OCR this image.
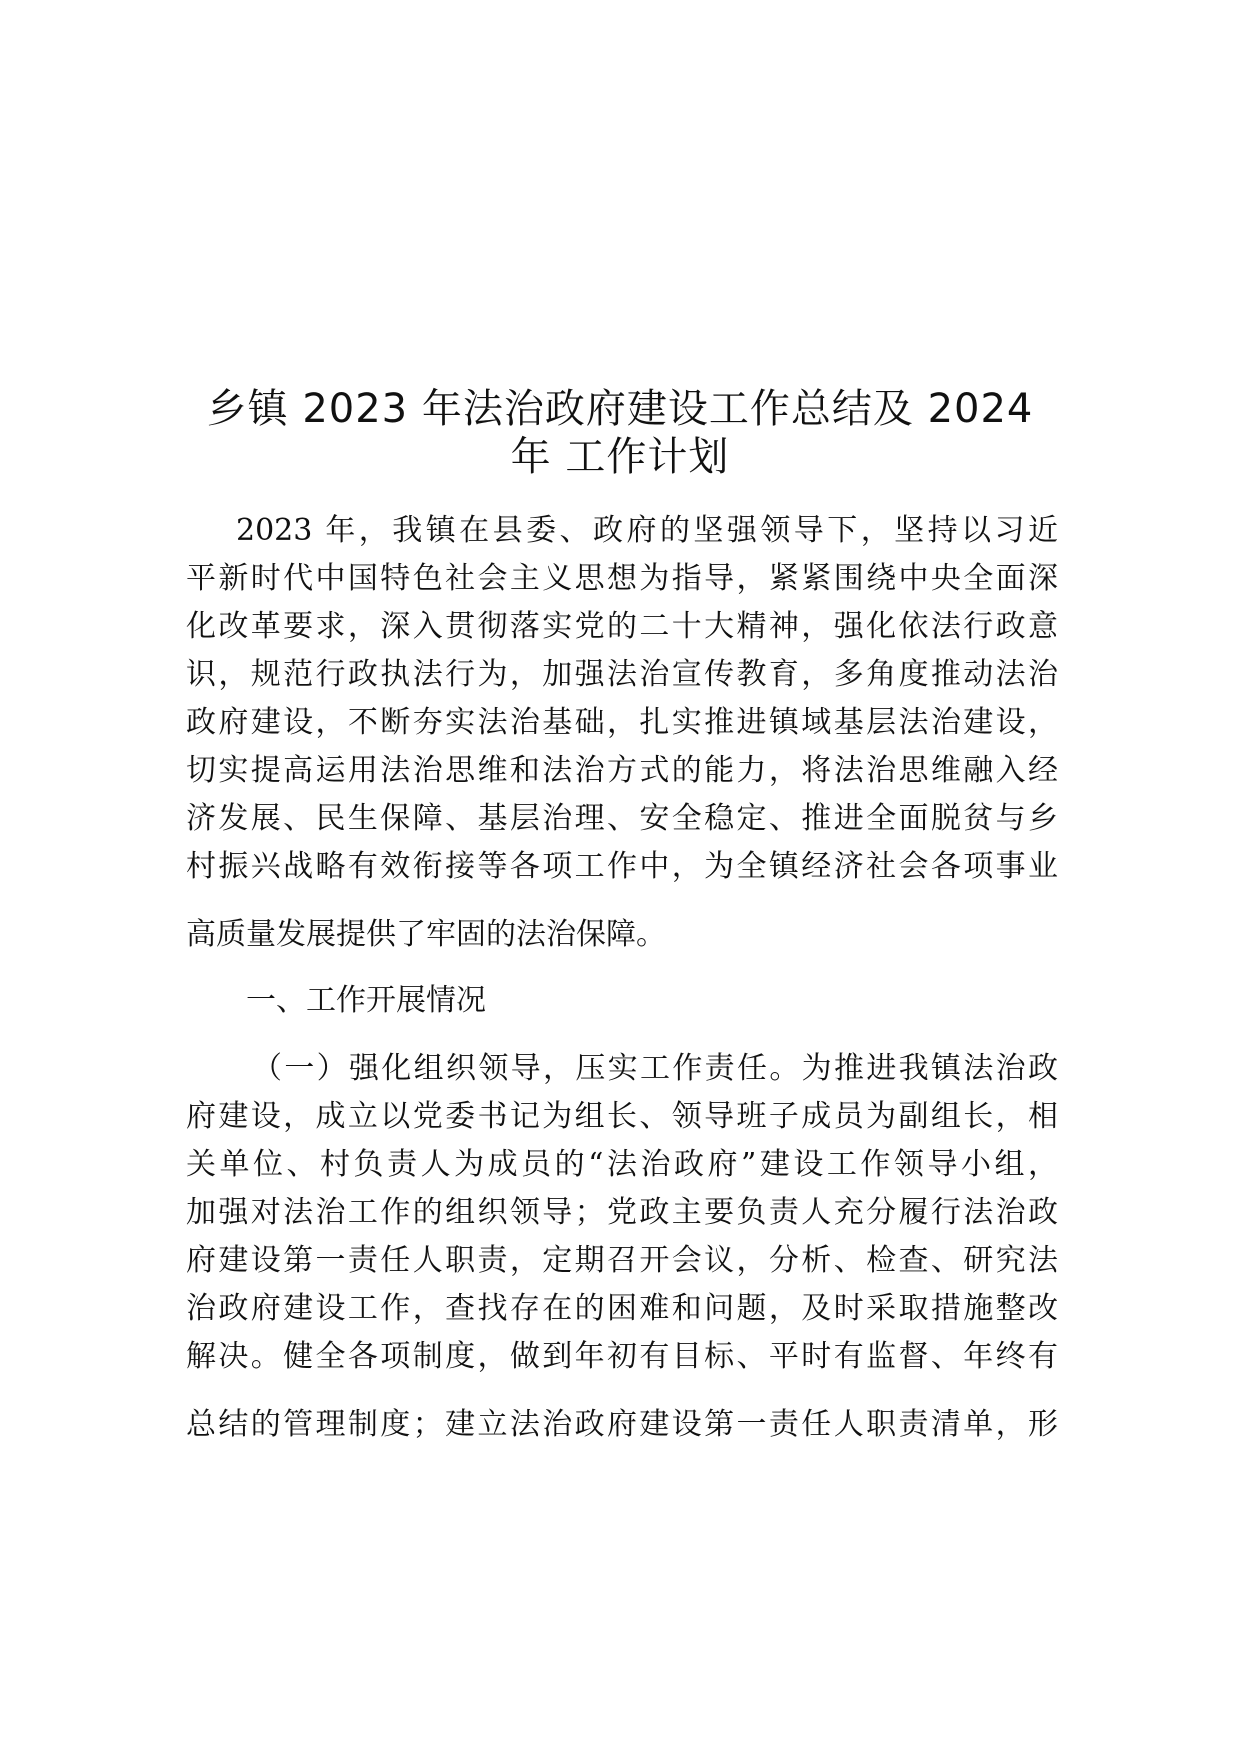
乡镇 2023 年法治政府建设工作总结及 2024
年 工作计划

2023 年，我镇在县委、政府的坚强领导下，坚持以习近

平新时代中国特色社会主义思想为指导，紧紧围绕中央全面深

化改革要求，深入贯彻落实党的二十大精神，强化依法行政意

识，规范行政执法行为，加强法治宣传教育，多角度推动法治

政府建设，不断夯实法治基础，扎实推进镇域基层法治建设，

切实提高运用法治思维和法治方式的能力，将法治思维融入经

济发展、民生保障、基层治理、安全稳定、推进全面脱贫与乡

村振兴战略有效衔接等各项工作中，为全镇经济社会各项事业

高质量发展提供了牢固的法治保障。

一、工作开展情况

（一）强化组织领导，压实工作责任。为推进我镇法治政

府建设，成立以党委书记为组长、领导班子成员为副组长，相

关单位、村负责人为成员的“法治政府”建设工作领导小组，

加强对法治工作的组织领导；党政主要负责人充分履行法治政

府建设第一责任人职责，定期召开会议，分析、检查、研究法

治政府建设工作，查找存在的困难和问题，及时采取措施整改

解决。健全各项制度，做到年初有目标、平时有监督、年终有

总结的管理制度；建立法治政府建设第一责任人职责清单，形
